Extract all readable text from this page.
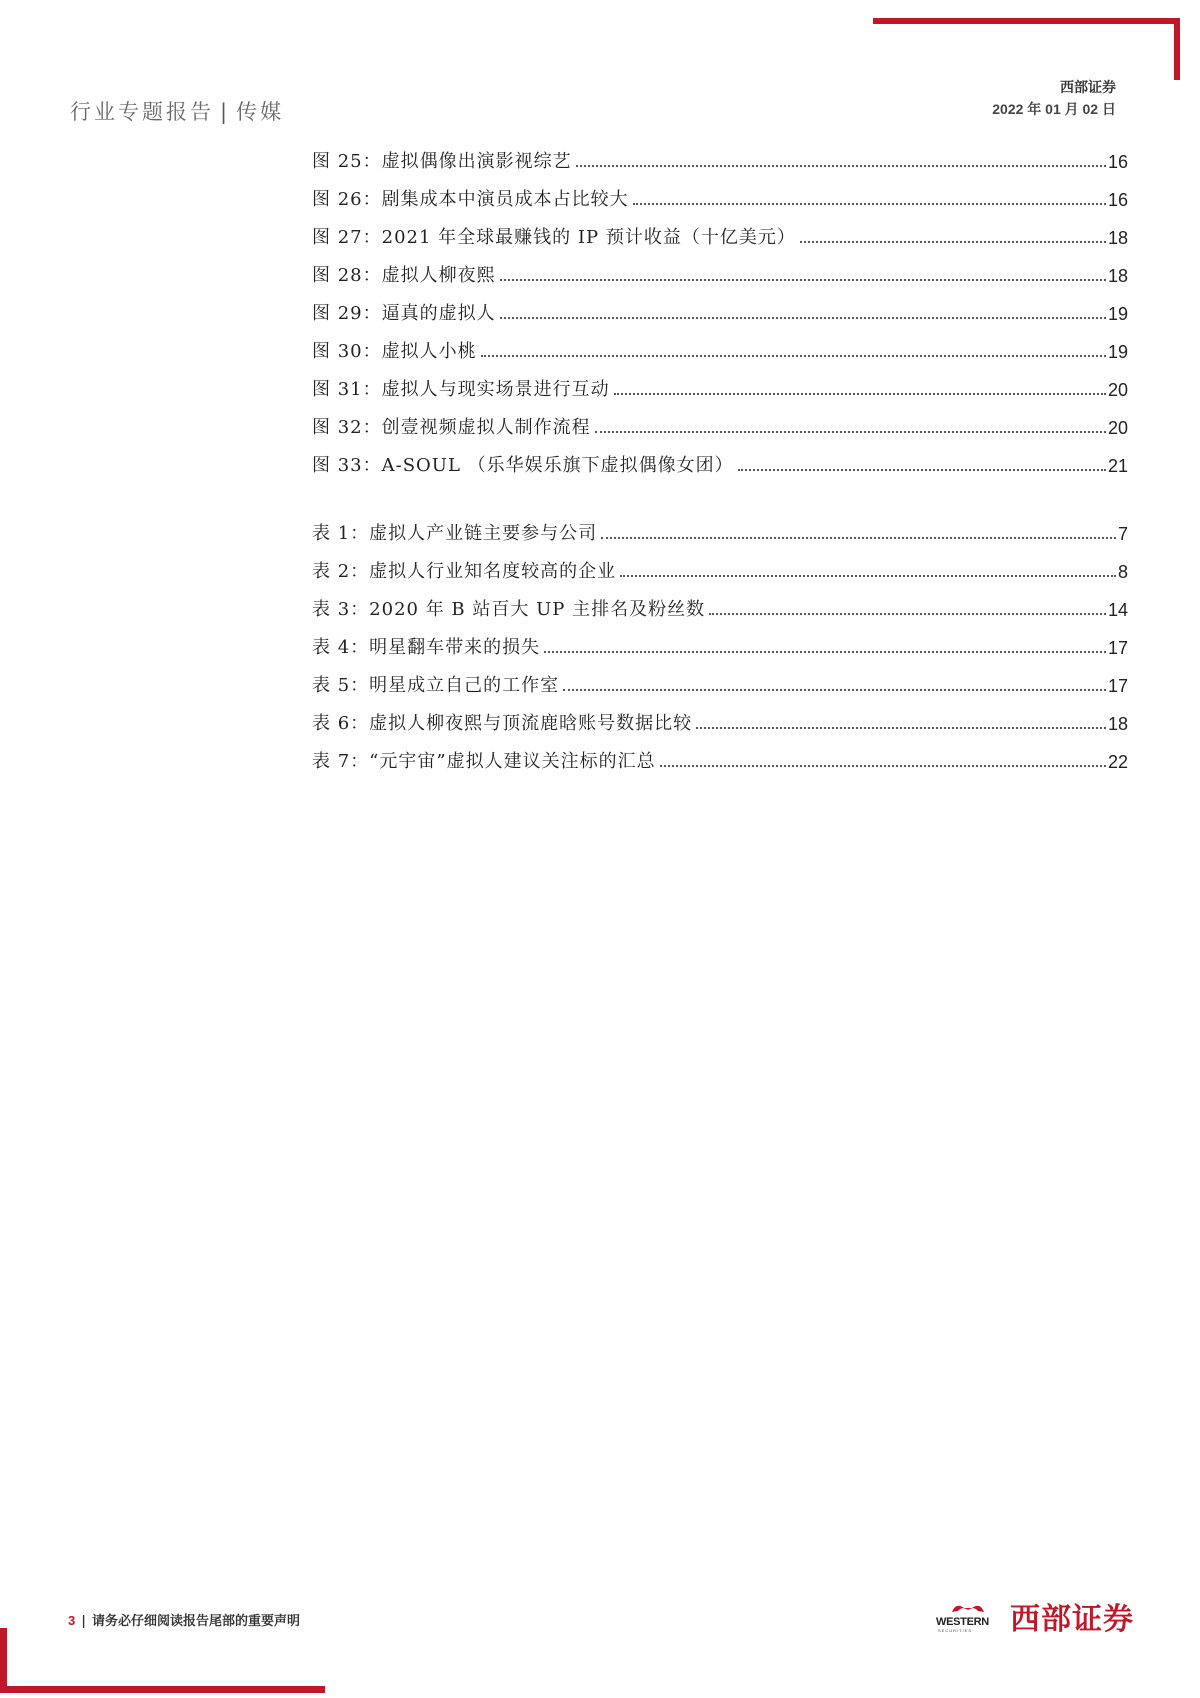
行业专题报告 | 传媒
西部证券
2022 年 01 月 02 日
图 25：虚拟偶像出演影视综艺	16
图 26：剧集成本中演员成本占比较大	16
图 27：2021 年全球最赚钱的 IP 预计收益（十亿美元）	18
图 28：虚拟人柳夜熙	18
图 29：逼真的虚拟人	19
图 30：虚拟人小桃	19
图 31：虚拟人与现实场景进行互动	20
图 32：创壹视频虚拟人制作流程	20
图 33：A-SOUL （乐华娱乐旗下虚拟偶像女团）	21
表 1：虚拟人产业链主要参与公司	7
表 2：虚拟人行业知名度较高的企业	8
表 3：2020 年 B 站百大 UP 主排名及粉丝数	14
表 4：明星翻车带来的损失	17
表 5：明星成立自己的工作室	17
表 6：虚拟人柳夜熙与顶流鹿晗账号数据比较	18
表 7：“元宇宙”虚拟人建议关注标的汇总	22
3 | 请务必仔细阅读报告尾部的重要声明	WESTERN
SECURITIES 西部证券
